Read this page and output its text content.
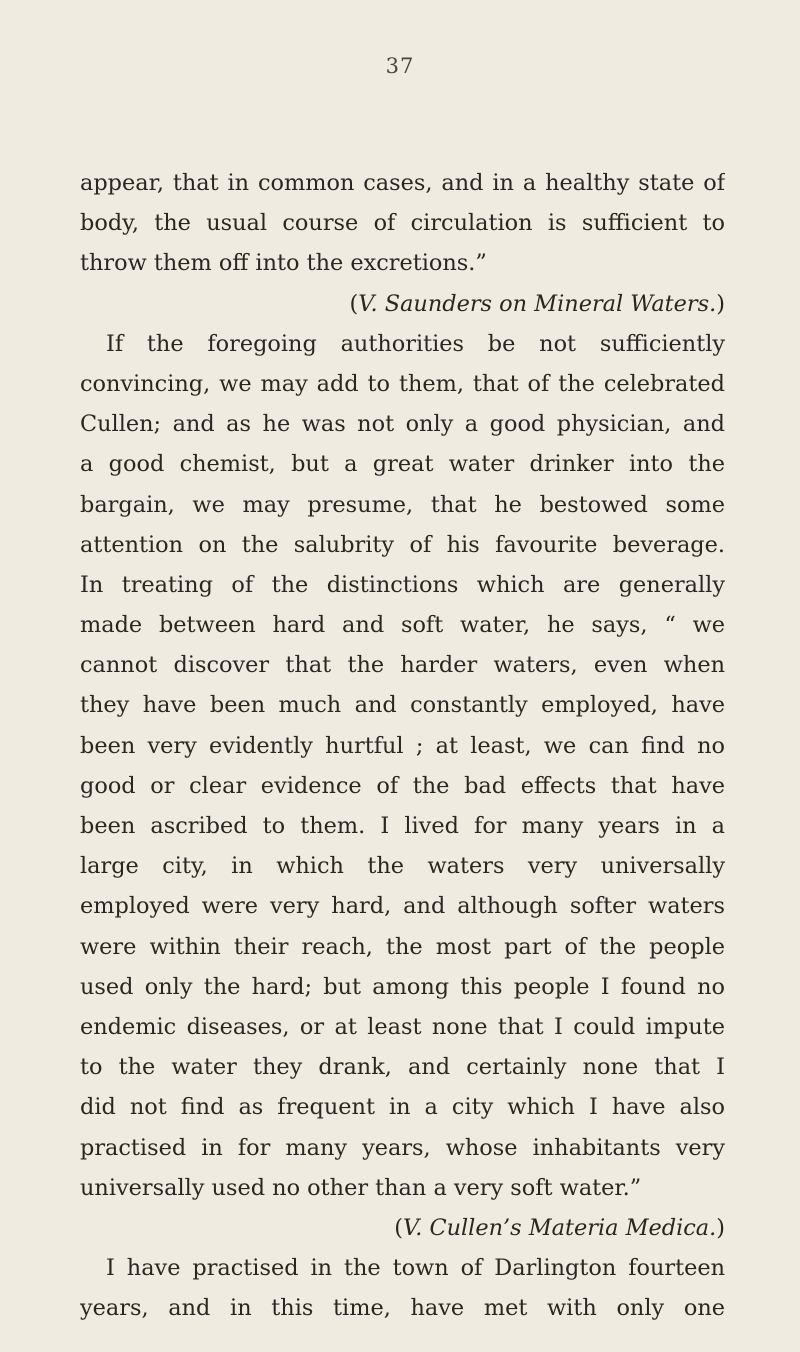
37
appear, that in common cases, and in a healthy state of
body, the usual course of circulation is sufficient to
throw them off into the excretions.”
(V. Saunders on Mineral Waters.)
If the foregoing authorities be not sufficiently
convincing, we may add to them, that of the celebrated
Cullen; and as he was not only a good physician, and
a good chemist, but a great water drinker into the
bargain, we may presume, that he bestowed some
attention on the salubrity of his favourite beverage.
In treating of the distinctions which are generally
made between hard and soft water, he says, “ we
cannot discover that the harder waters, even when
they have been much and constantly employed, have
been very evidently hurtful ; at least, we can find no
good or clear evidence of the bad effects that have
been ascribed to them. I lived for many years in a
large city, in which the waters very universally
employed were very hard, and although softer waters
were within their reach, the most part of the people
used only the hard; but among this people I found no
endemic diseases, or at least none that I could impute
to the water they drank, and certainly none that I
did not find as frequent in a city which I have also
practised in for many years, whose inhabitants very
universally used no other than a very soft water.”
(V. Cullen’s Materia Medica.)
I have practised in the town of Darlington fourteen
years, and in this time, have met with only one
